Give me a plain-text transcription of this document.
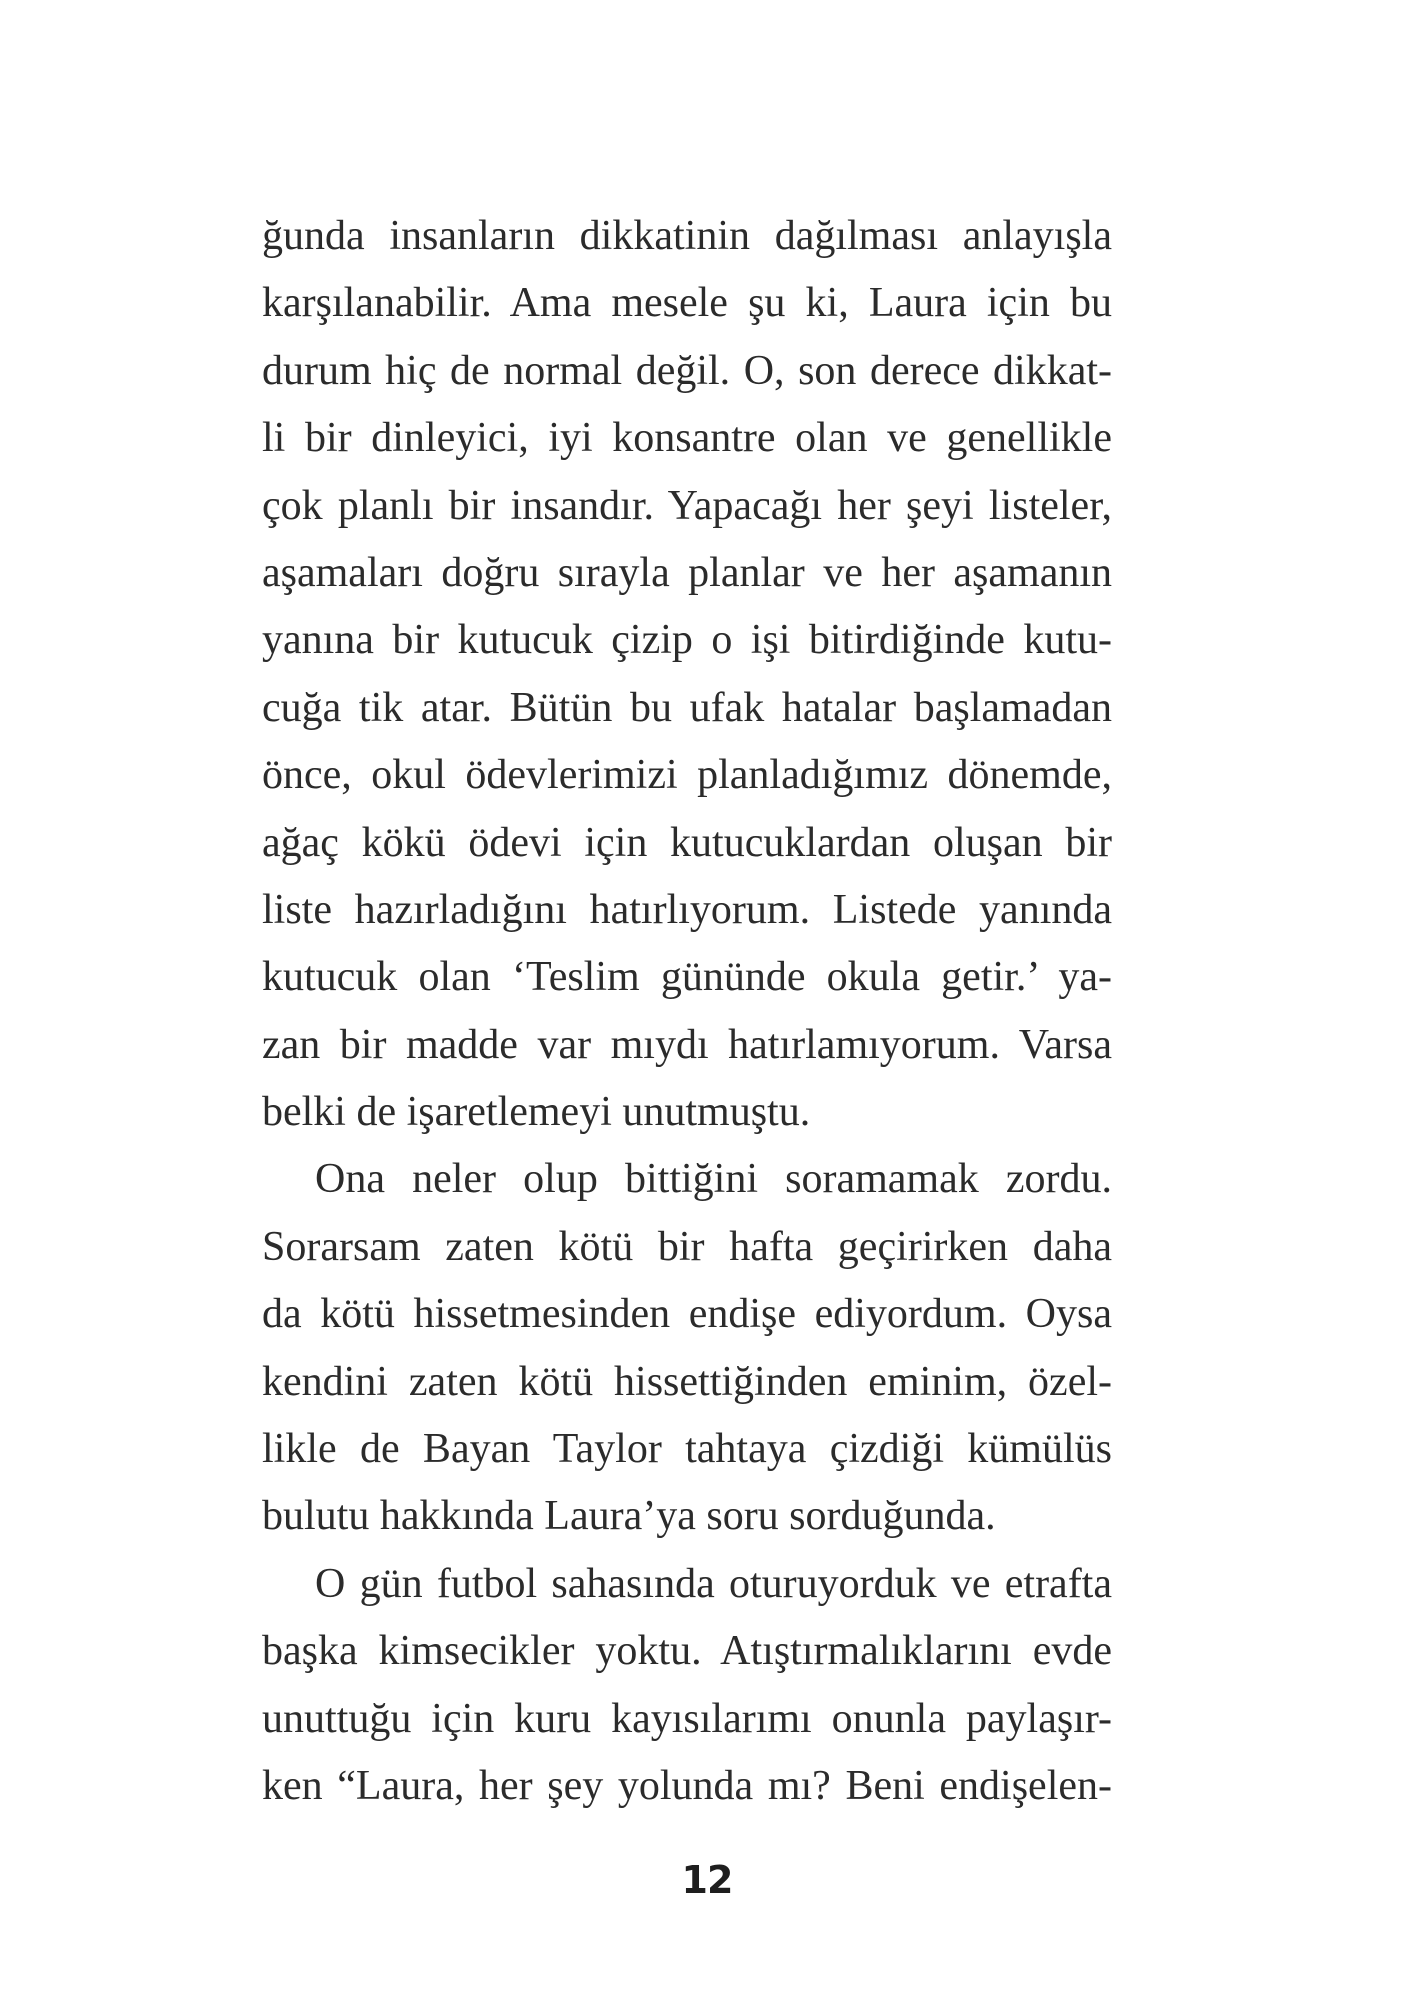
ğunda insanların dikkatinin dağılması anlayışla
karşılanabilir. Ama mesele şu ki, Laura için bu
durum hiç de normal değil. O, son derece dikkat-
li bir dinleyici, iyi konsantre olan ve genellikle
çok planlı bir insandır. Yapacağı her şeyi listeler,
aşamaları doğru sırayla planlar ve her aşamanın
yanına bir kutucuk çizip o işi bitirdiğinde kutu-
cuğa tik atar. Bütün bu ufak hatalar başlamadan
önce, okul ödevlerimizi planladığımız dönemde,
ağaç kökü ödevi için kutucuklardan oluşan bir
liste hazırladığını hatırlıyorum. Listede yanında
kutucuk olan ‘Teslim gününde okula getir.’ ya-
zan bir madde var mıydı hatırlamıyorum. Varsa
belki de işaretlemeyi unutmuştu.
Ona neler olup bittiğini soramamak zordu.
Sorarsam zaten kötü bir hafta geçirirken daha
da kötü hissetmesinden endişe ediyordum. Oysa
kendini zaten kötü hissettiğinden eminim, özel-
likle de Bayan Taylor tahtaya çizdiği kümülüs
bulutu hakkında Laura’ya soru sorduğunda.
O gün futbol sahasında oturuyorduk ve etrafta
başka kimsecikler yoktu. Atıştırmalıklarını evde
unuttuğu için kuru kayısılarımı onunla paylaşır-
ken “Laura, her şey yolunda mı? Beni endişelen-
12
